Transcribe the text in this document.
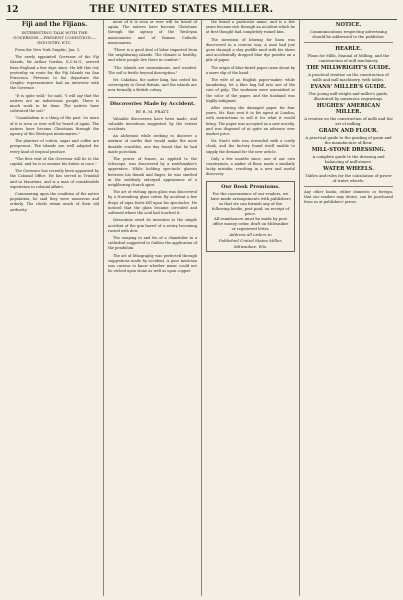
12	THE UNITED STATES MILLER.
Fiji and the Fijians.
INTERESTING TALK WITH THE GOVERNOR.—PRESENT CONDITION.—INDUSTRY, ETC.

From the New York Graphic, Jan. 3.

The newly appointed Governor of the Fiji Islands, Sir Arthur Gordon, K.C.M.G., arrived from England a few days since. He left this city yesterday en route for the Fiji Islands via San Francisco. Previous to his departure the Graphic representative had an interview with the Governor.

"It is quite wild," he said. "I will say that the natives are an industrious people. There is much work to be done. The natives have cultivated the soil."

"Cannibalism is a thing of the past. So more of it is seen or ever will be heard of again. The natives have become Christians through the agency of the Wesleyan missionaries."

The planters of cotton, sugar and coffee are prosperous. The islands are well adapted for every kind of tropical produce.

"The first visit of the Governor will be to the capital, and he is to assume his duties at once."

The Governor has recently been appointed by the Colonial Office. He has served in Trinidad and in Mauritius, and is a man of considerable experience in colonial affairs.

Commenting upon the condition of the native population, he said they were numerous and orderly. The chiefs retain much of their old authority.

more of it is seen or ever will be heard of again. The natives have become Christians through the agency of the Wesleyan missionaries and of Roman Catholic missionaries.

"There is a good deal of labor imported from the neighboring islands. The climate is healthy, and white people live there in comfort."

"The Islands are mountainous, and wooded. The soil is fertile beyond description."

Mr. Cakobau, the native king, has ceded his sovereignty to Great Britain, and the islands are now formally a British colony.

Discoveries Made by Accident.
BY R. M. PRATT.

Valuable discoveries have been made, and valuable inventions suggested, by the veriest accidents.

An alchemist while seeking to discover a mixture of earths that would make the most durable crucibles, one day found that he had made porcelain.

The power of lenses, as applied to the telescope, was discovered by a watchmaker's apprentice. While holding spectacle glasses between his thumb and finger, he was startled at the suddenly enlarged appearance of a neighboring church spire.

The art of etching upon glass was discovered by a Nuremberg glass cutter. By accident a few drops of aqua fortis fell upon his spectacles. He noticed that the glass became corroded and softened where the acid had touched it.

Messotints owed its invention to the simple accident of the gun barrel of a sentry becoming rusted with dew.

The swaying to and fro of a chandelier in a cathedral suggested to Galileo the application of the pendulum.

The art of lithography was perfected through suggestions made by accident. A poor musician was curious to know whether music could not be etched upon stone as well as upon copper.

the brand a particular name, and is a few years became rich through an accident which he at first thought had completely ruined him.

The invention of blueing for linen was discovered in a curious way. A man had just gone through a clay puddle mud with his shoes and accidentally dropped blue dye powder on a pile of paper.

The origin of blue-tinted paper came about by a mere slip of the hand.

The wife of an English paper-maker, while laundering, let a blue bag fall into one of the vats of pulp. The workmen were astonished at the color of the paper, and the husband was highly indignant.

After storing the damaged paper for four years, Mr. East sent it to his agent at London, with instructions to sell it for what it would bring. The paper was accepted as a new novelty, and was disposed of at quite an advance over market price.

Mr. East's wife was rewarded with a costly cloak, and the factory found itself unable to supply the demand for the new article.

Only a few months since, one of our own countrymen, a maker of flour, made a similarly lucky mistake, resulting in a new and useful discovery.

Our Book Premiums.
For the convenience of our readers, we have made arrangements with publishers so that we can furnish any of the following books, post paid, on receipt of price.
All remittances must be made by post office money order, draft on Milwaukee or registered letter.
Address all orders to
Published United States Miller,
Milwaukee, Wis.
NOTICE.
Communications respecting advertising should be addressed to the publisher.
HEARLE.
Plans for Mills, Manual of Milling, and the construction of mill machinery.
THE MILLWRIGHT'S GUIDE.
A practical treatise on the construction of mills and mill machinery, with tables.
EVANS' MILLER'S GUIDE.
The young mill-wright and miller's guide, illustrated by numerous engravings.
HUGHES' AMERICAN MILLER.
A treatise on the construction of mills and the art of milling.
GRAIN AND FLOUR.
A practical guide to the grading of grain and the manufacture of flour.
MILL-STONE DRESSING.
A complete guide to the dressing and balancing of mill-stones.
WATER WHEELS.
Tables and rules for the calculation of power of water wheels.

Any other books, either domestic or foreign, that our readers may desire, can be purchased from us at publishers' prices.
